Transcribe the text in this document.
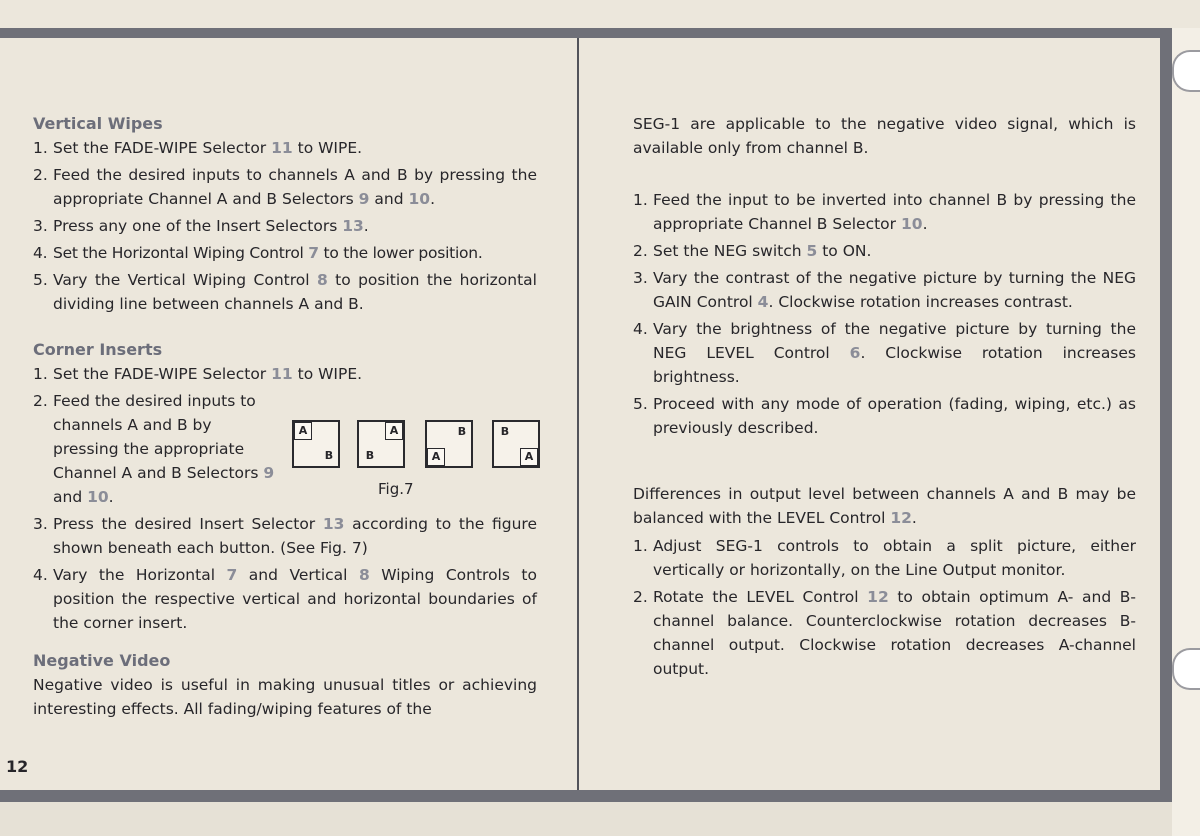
Vertical Wipes
1. Set the FADE-WIPE Selector 11 to WIPE.
2. Feed the desired inputs to channels A and B by pressing the appropriate Channel A and B Selectors 9 and 10.
3. Press any one of the Insert Selectors 13.
4. Set the Horizontal Wiping Control 7 to the lower position.
5. Vary the Vertical Wiping Control 8 to position the horizontal dividing line between channels A and B.
Corner Inserts
1. Set the FADE-WIPE Selector 11 to WIPE.
2. Feed the desired inputs to channels A and B by pressing the appropriate Channel A and B Selectors 9 and 10.
3. Press the desired Insert Selector 13 according to the figure shown beneath each button. (See Fig. 7)
4. Vary the Horizontal 7 and Vertical 8 Wiping Controls to position the respective vertical and horizontal boundaries of the corner insert.
Negative Video

Negative video is useful in making unusual titles or achieving interesting effects. All fading/wiping features of the

A
B
A
B	A
B
A
B
Fig.7

SEG-1 are applicable to the negative video signal, which is available only from channel B.

1. Feed the input to be inverted into channel B by pressing the appropriate Channel B Selector 10.
2. Set the NEG switch 5 to ON.
3. Vary the contrast of the negative picture by turning the NEG GAIN Control 4. Clockwise rotation increases contrast.
4. Vary the brightness of the negative picture by turning the NEG LEVEL Control 6. Clockwise rotation increases brightness.
5. Proceed with any mode of operation (fading, wiping, etc.) as previously described.

Differences in output level between channels A and B may be balanced with the LEVEL Control 12.

1. Adjust SEG-1 controls to obtain a split picture, either vertically or horizontally, on the Line Output monitor.
2. Rotate the LEVEL Control 12 to obtain optimum A- and B-channel balance. Counterclockwise rotation decreases B-channel output. Clockwise rotation decreases A-channel output.
12
